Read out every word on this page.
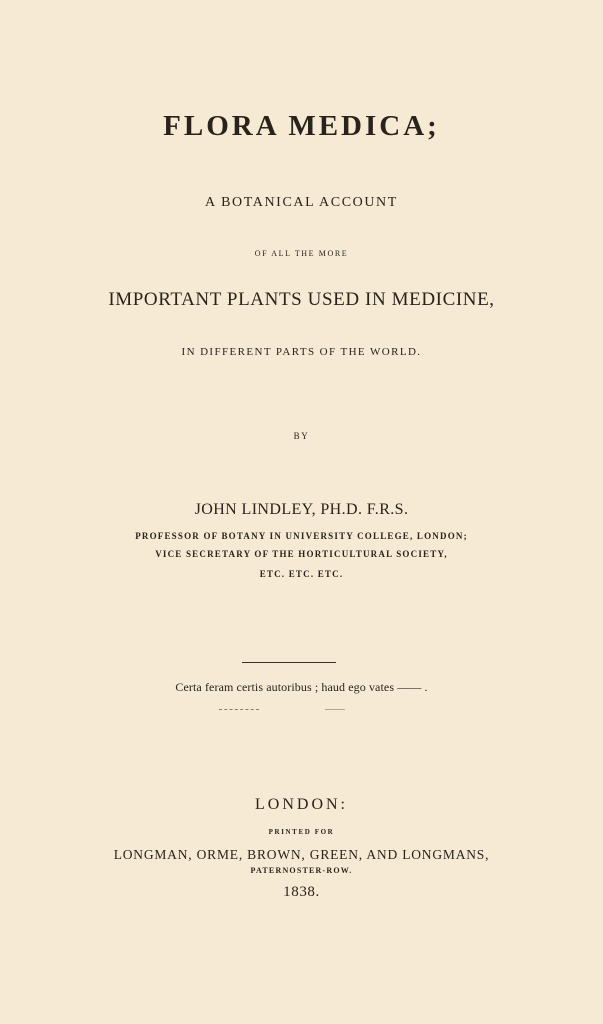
FLORA MEDICA;
A BOTANICAL ACCOUNT
OF ALL THE MORE
IMPORTANT PLANTS USED IN MEDICINE,
IN DIFFERENT PARTS OF THE WORLD.
BY
JOHN LINDLEY, PH.D. F.R.S.
PROFESSOR OF BOTANY IN UNIVERSITY COLLEGE, LONDON;
VICE SECRETARY OF THE HORTICULTURAL SOCIETY,
ETC. ETC. ETC.
Certa feram certis autoribus ; haud ego vates —— .
LONDON:
PRINTED FOR
LONGMAN, ORME, BROWN, GREEN, AND LONGMANS,
PATERNOSTER-ROW.
1838.
